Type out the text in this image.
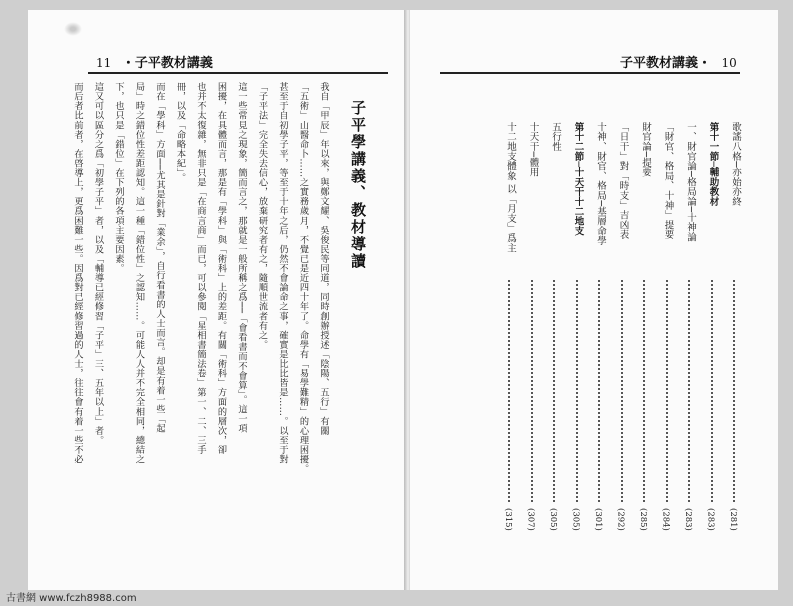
11 ・子平教材講義
子平學講義、教材導讀
我自「甲辰」年以來，與鄭文耀、吳俊民等同道，同時創辦授述「陰陽、五行」有關
「五術」山醫命卜……之實務歲月，不覺已是近四十年了。命學有「易學難精」的心理困擾。
甚至于自初學子平，等至于十年之后，仍然不會論命之事，確實是比比皆是……。以至于對
「子平法」完全失去信心，放棄研究者有之，隨順世流者有之。
這一些常見之現象，簡而言之，那就是一般所稱之爲──「會看書而不會算」。這一項
困擾，在具體而言，那是有「學科」與「術科」上的差距。有關「術科」方面的層次，卻
也并不太復雜，無非只是「在商言商」而已，可以參閱「星相書簡法卷」第一、二、三手
冊，以及「命略本紀」。
而在「學科」方面──尤其是針對「業余」，自行看書的人士而言。却是有着一些「起
局」時之錯位性差距認知。這一種「錯位性」之認知……。可能人人并不完全相同，總結之
下，也只是「錯位」在下列的各項主要因素。
這又可以區分之爲「初學子平」者，以及「輔導已經修習「子平」三、五年以上」者。
而后者比前者，在啓導上，更爲困難一些。因爲對已經修習過的人士，往往會有着一些不必
子平教材講義・ 10
歌謠八格─亦始亦終
(281)
第十一節─輔助教材
(283)
一、財官論─格局論─十神論
(283)
「財官、格局、十神」提要
(284)
財官論─提要
(285)
「日干」對「時支」吉凶表
(292)
十神、財官、格局─基層命學
(301)
第十二節─十天干十二地支
(305)
五行性
(305)
十天干─體用
(307)
十二地支體象 以「月支」爲主
(315)
古書網 www.fczh8988.com
